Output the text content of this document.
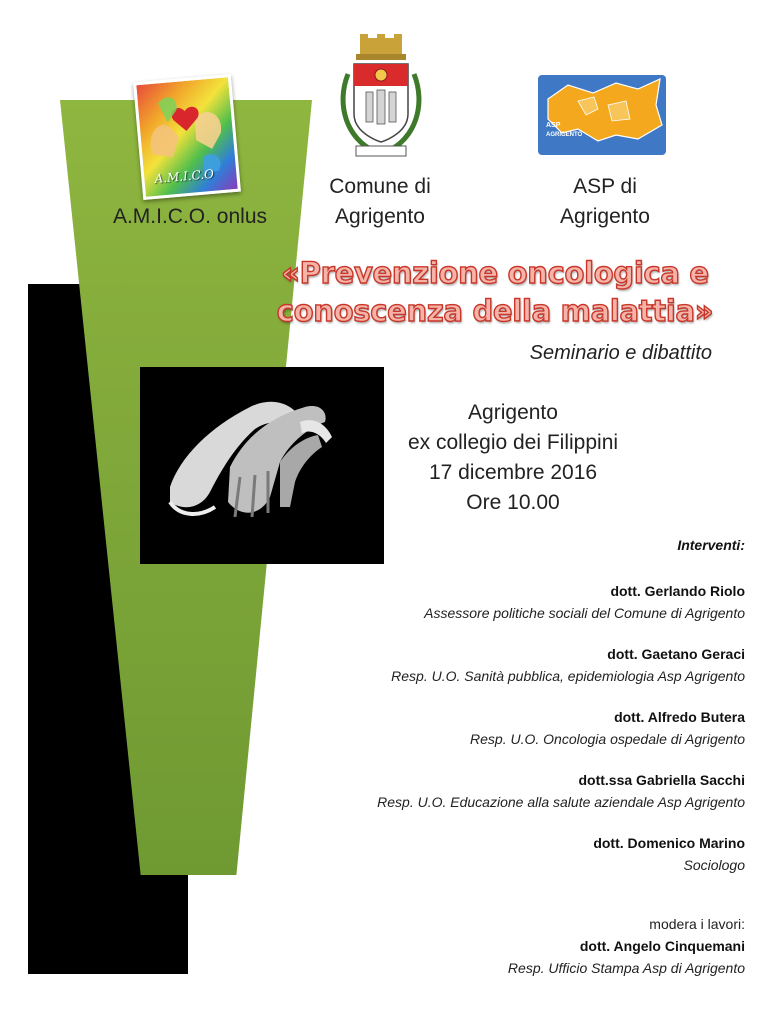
A.M.I.C.O
ASP
AGRIGENTO
A.M.I.C.O. onlus
Comune di
Agrigento
ASP di
Agrigento
«Prevenzione oncologica e
conoscenza della malattia»
Seminario e dibattito
Agrigento
ex collegio dei Filippini
17 dicembre 2016
Ore 10.00
Interventi:
dott. Gerlando Riolo
Assessore politiche sociali del Comune di Agrigento
dott. Gaetano Geraci
Resp. U.O. Sanità pubblica, epidemiologia Asp Agrigento
dott. Alfredo Butera
Resp. U.O. Oncologia ospedale di Agrigento
dott.ssa Gabriella Sacchi
Resp. U.O. Educazione alla salute aziendale Asp Agrigento
dott. Domenico Marino
Sociologo
modera i lavori:
dott. Angelo Cinquemani
Resp. Ufficio Stampa Asp di Agrigento
